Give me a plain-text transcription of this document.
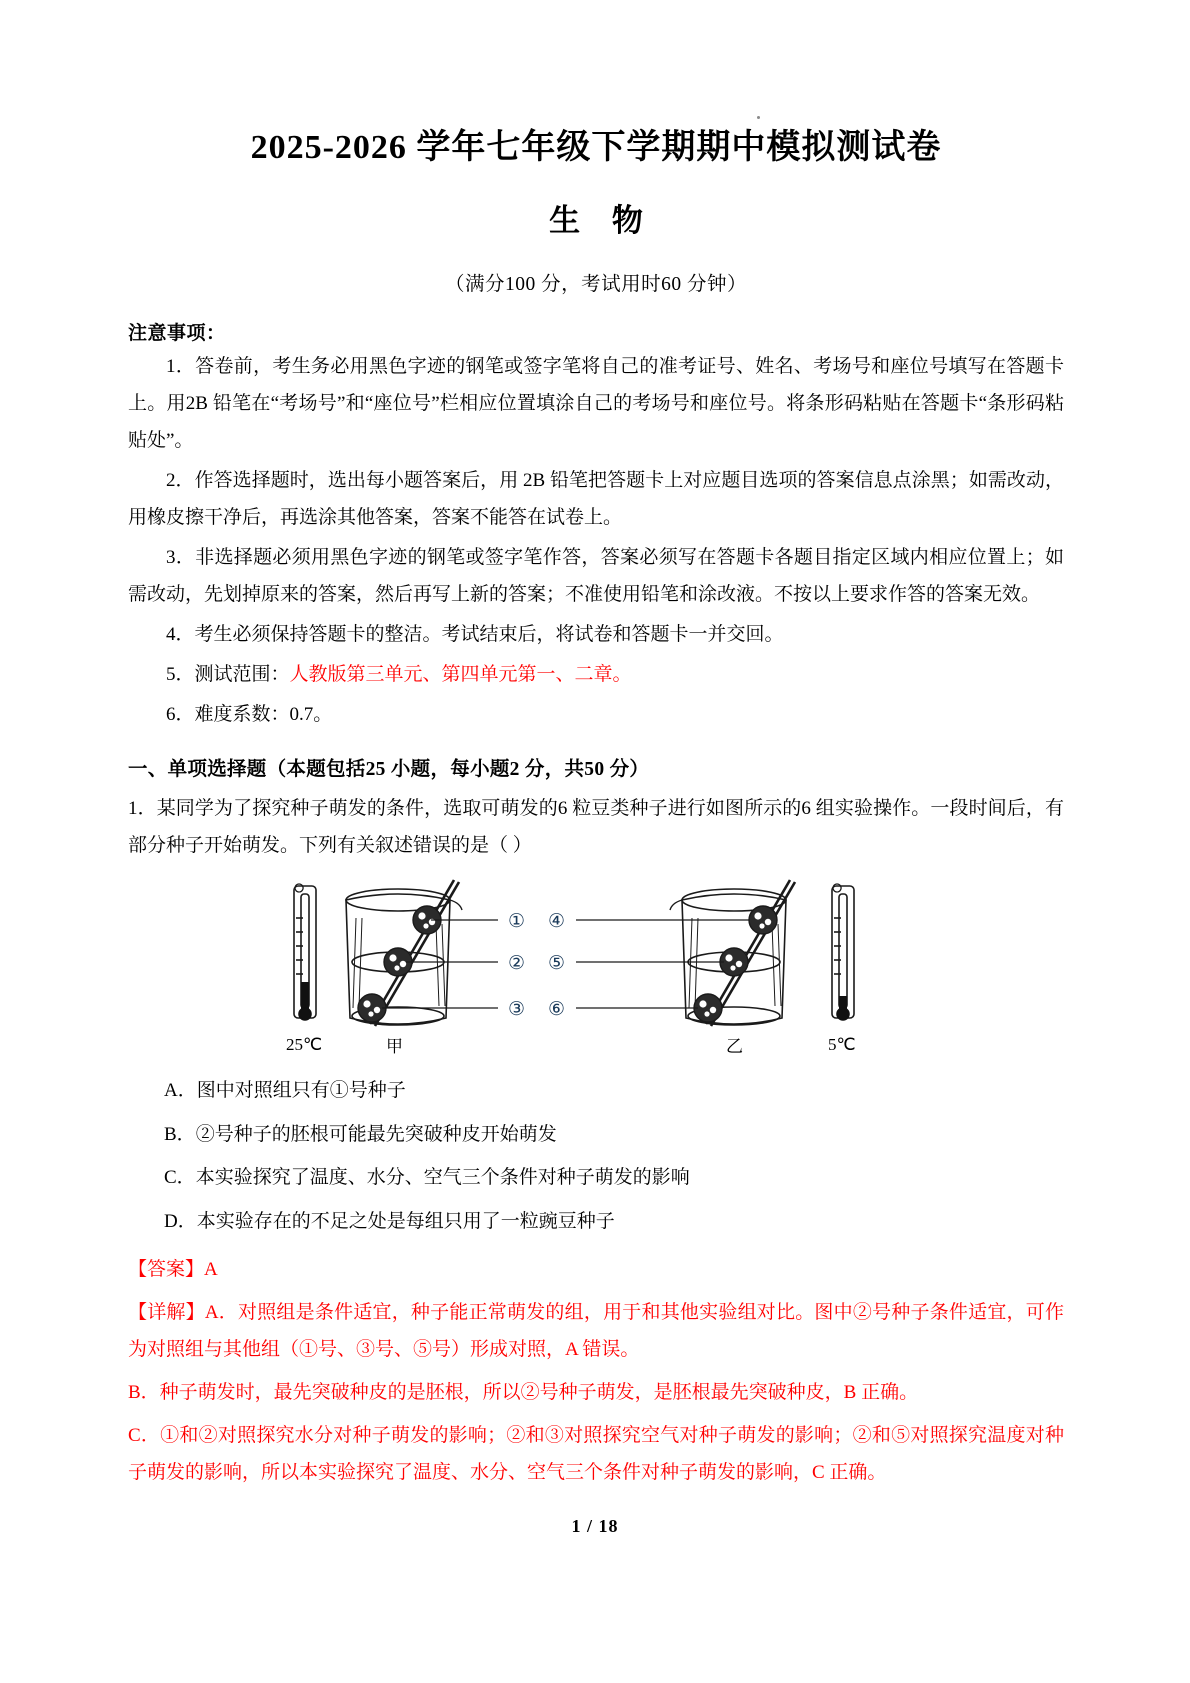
2025-2026 学年七年级下学期期中模拟测试卷
生 物
（满分100 分，考试用时60 分钟）
注意事项：
1．答卷前，考生务必用黑色字迹的钢笔或签字笔将自己的准考证号、姓名、考场号和座位号填写在答题卡上。用2B 铅笔在“考场号”和“座位号”栏相应位置填涂自己的考场号和座位号。将条形码粘贴在答题卡“条形码粘贴处”。
2．作答选择题时，选出每小题答案后，用 2B 铅笔把答题卡上对应题目选项的答案信息点涂黑；如需改动，用橡皮擦干净后，再选涂其他答案，答案不能答在试卷上。
3．非选择题必须用黑色字迹的钢笔或签字笔作答，答案必须写在答题卡各题目指定区域内相应位置上；如需改动，先划掉原来的答案，然后再写上新的答案；不准使用铅笔和涂改液。不按以上要求作答的答案无效。
4．考生必须保持答题卡的整洁。考试结束后，将试卷和答题卡一并交回。
5．测试范围：人教版第三单元、第四单元第一、二章。
6．难度系数：0.7。
一、单项选择题（本题包括25 小题，每小题2 分，共50 分）
1．某同学为了探究种子萌发的条件，选取可萌发的6 粒豆类种子进行如图所示的6 组实验操作。一段时间后，有部分种子开始萌发。下列有关叙述错误的是（ ）
①
②
③
④
⑤
⑥
25℃	甲	乙	5℃
A．图中对照组只有①号种子
B．②号种子的胚根可能最先突破种皮开始萌发
C．本实验探究了温度、水分、空气三个条件对种子萌发的影响
D．本实验存在的不足之处是每组只用了一粒豌豆种子
【答案】A
【详解】A．对照组是条件适宜，种子能正常萌发的组，用于和其他实验组对比。图中②号种子条件适宜，可作为对照组与其他组（①号、③号、⑤号）形成对照，A 错误。
B．种子萌发时，最先突破种皮的是胚根，所以②号种子萌发，是胚根最先突破种皮，B 正确。
C．①和②对照探究水分对种子萌发的影响；②和③对照探究空气对种子萌发的影响；②和⑤对照探究温度对种子萌发的影响，所以本实验探究了温度、水分、空气三个条件对种子萌发的影响，C 正确。
1 / 18
